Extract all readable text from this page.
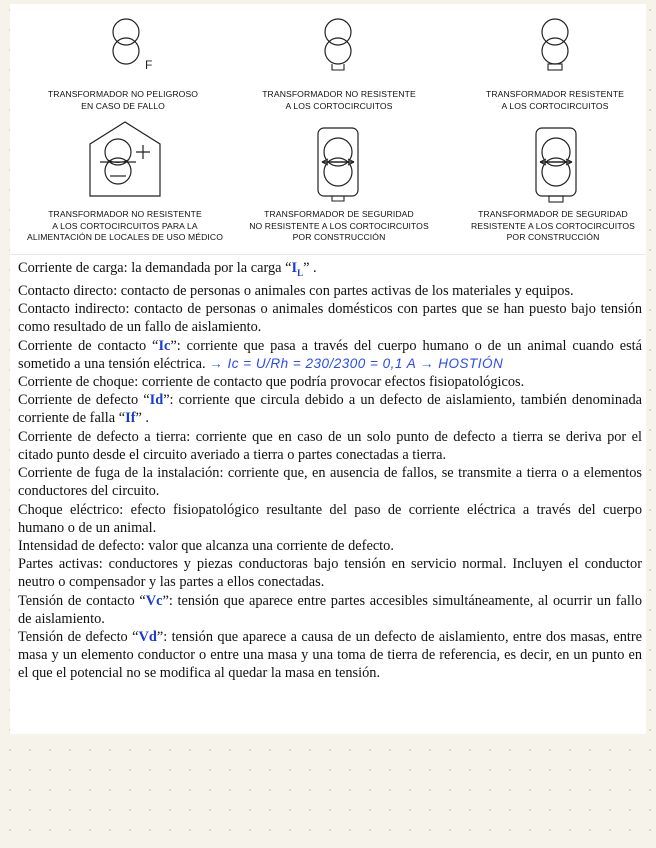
F
TRANSFORMADOR NO PELIGROSO
EN CASO DE FALLO
TRANSFORMADOR NO RESISTENTE
A LOS CORTOCIRCUITOS
TRANSFORMADOR RESISTENTE
A LOS CORTOCIRCUITOS
TRANSFORMADOR NO RESISTENTE
A LOS CORTOCIRCUITOS PARA LA
ALIMENTACIÓN DE LOCALES DE USO MÉDICO
TRANSFORMADOR DE SEGURIDAD
NO RESISTENTE A LOS CORTOCIRCUITOS
POR CONSTRUCCIÓN
TRANSFORMADOR DE SEGURIDAD
RESISTENTE A LOS CORTOCIRCUITOS
POR CONSTRUCCIÓN

Corriente de carga: la demandada por la carga “$I_L$” .

Contacto directo: contacto de personas o animales con partes activas de los materiales y equipos.

Contacto indirecto: contacto de personas o animales domésticos con partes que se han puesto bajo tensión como resultado de un fallo de aislamiento.

Corriente de contacto “Ic”: corriente que pasa a través del cuerpo humano o de un animal cuando está sometido a una tensión eléctrica. → Ic = U/Rh = 230/2300 = 0,1 A → HOSTIÓN

Corriente de choque: corriente de contacto que podría provocar efectos fisiopatológicos.

Corriente de defecto “Id”: corriente que circula debido a un defecto de aislamiento, también denominada corriente de falla “If” .

Corriente de defecto a tierra: corriente que en caso de un solo punto de defecto a tierra se deriva por el citado punto desde el circuito averiado a tierra o partes conectadas a tierra.

Corriente de fuga de la instalación: corriente que, en ausencia de fallos, se transmite a tierra o a elementos conductores del circuito.

Choque eléctrico: efecto fisiopatológico resultante del paso de corriente eléctrica a través del cuerpo humano o de un animal.

Intensidad de defecto: valor que alcanza una corriente de defecto.

Partes activas: conductores y piezas conductoras bajo tensión en servicio normal. Incluyen el conductor neutro o compensador y las partes a ellos conectadas.

Tensión de contacto “Vc”: tensión que aparece entre partes accesibles simultáneamente, al ocurrir un fallo de aislamiento.

Tensión de defecto “Vd”: tensión que aparece a causa de un defecto de aislamiento, entre dos masas, entre masa y un elemento conductor o entre una masa y una toma de tierra de referencia, es decir, en un punto en el que el potencial no se modifica al quedar la masa en tensión.
